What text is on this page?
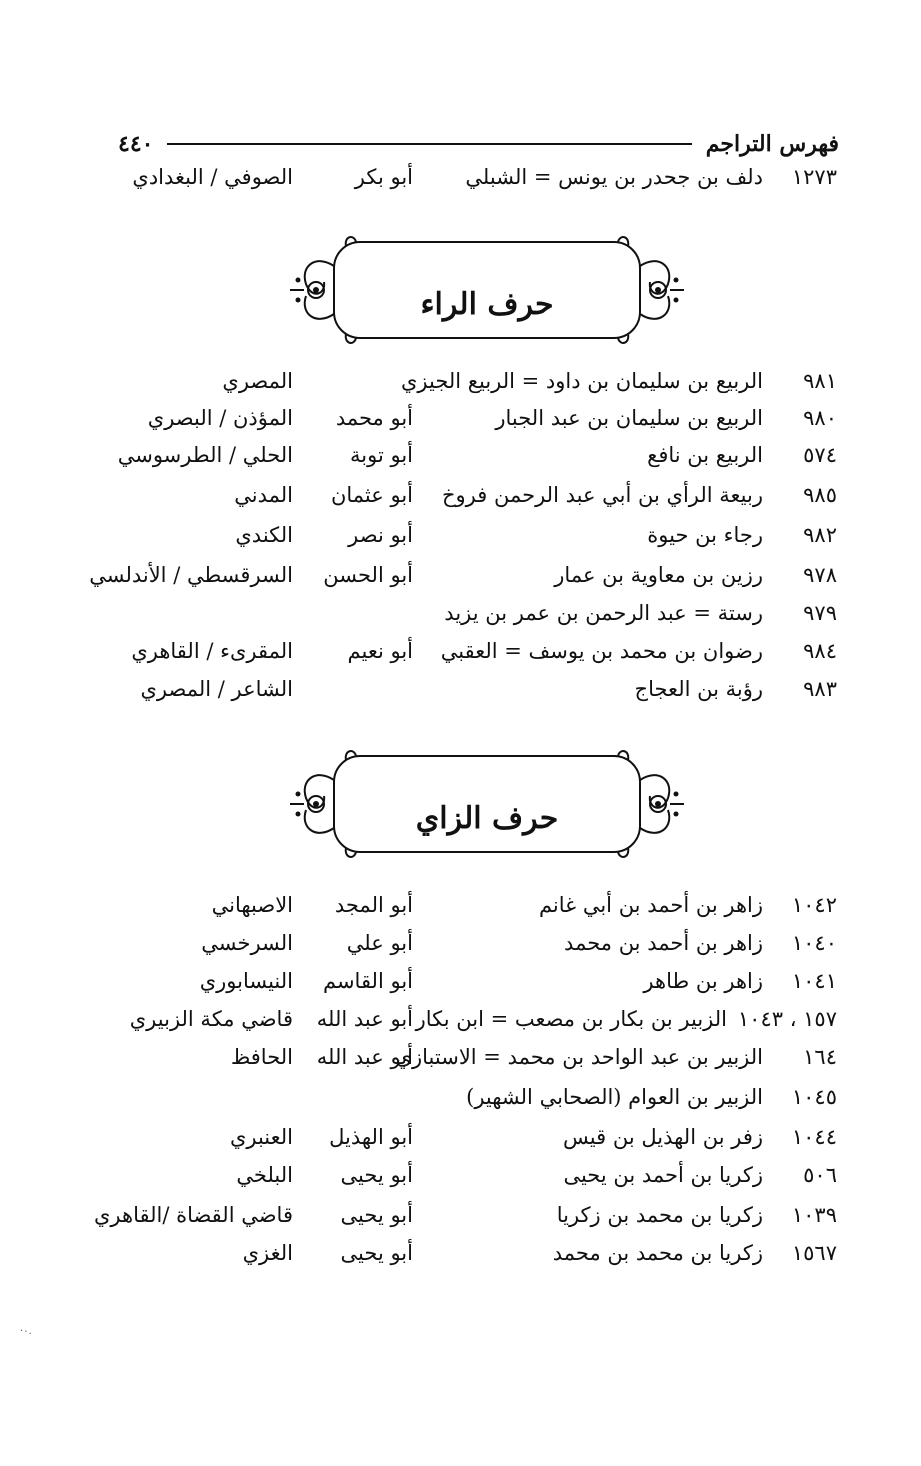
٤٤٠	فهرس التراجم
١٢٧٣
دلف بن جحدر بن يونس = الشبلي
أبو بكر
الصوفي / البغدادي
حرف الراء
٩٨١
الربيع بن سليمان بن داود = الربيع الجيزي
المصري
٩٨٠
الربيع بن سليمان بن عبد الجبار
أبو محمد
المؤذن / البصري
٥٧٤
الربيع بن نافع
أبو توبة
الحلي / الطرسوسي
٩٨٥
ربيعة الرأي بن أبي عبد الرحمن فروخ
أبو عثمان
المدني
٩٨٢
رجاء بن حيوة
أبو نصر
الكندي
٩٧٨
رزين بن معاوية بن عمار
أبو الحسن
السرقسطي / الأندلسي
٩٧٩
رستة = عبد الرحمن بن عمر بن يزيد
٩٨٤
رضوان بن محمد بن يوسف = العقبي
أبو نعيم
المقرىء / القاهري
٩٨٣
رؤبة بن العجاج
الشاعر / المصري
حرف الزاي
١٠٤٢
زاهر بن أحمد بن أبي غانم
أبو المجد
الاصبهاني
١٠٤٠
زاهر بن أحمد بن محمد
أبو علي
السرخسي
١٠٤١
زاهر بن طاهر
أبو القاسم
النيسابوري
١٥٧ ، ١٠٤٣
الزبير بن بكار بن مصعب = ابن بكار
أبو عبد الله
قاضي مكة الزبيري
١٦٤
الزبير بن عبد الواحد بن محمد = الاستبازي
أبو عبد الله
الحافظ
١٠٤٥
الزبير بن العوام (الصحابي الشهير)
١٠٤٤
زفر بن الهذيل بن قيس
أبو الهذيل
العنبري
٥٠٦
زكريا بن أحمد بن يحيى
أبو يحيى
البلخي
١٠٣٩
زكريا بن محمد بن زكريا
أبو يحيى
قاضي القضاة /القاهري
١٥٦٧
زكريا بن محمد بن محمد
أبو يحيى
الغزي
·٠.
